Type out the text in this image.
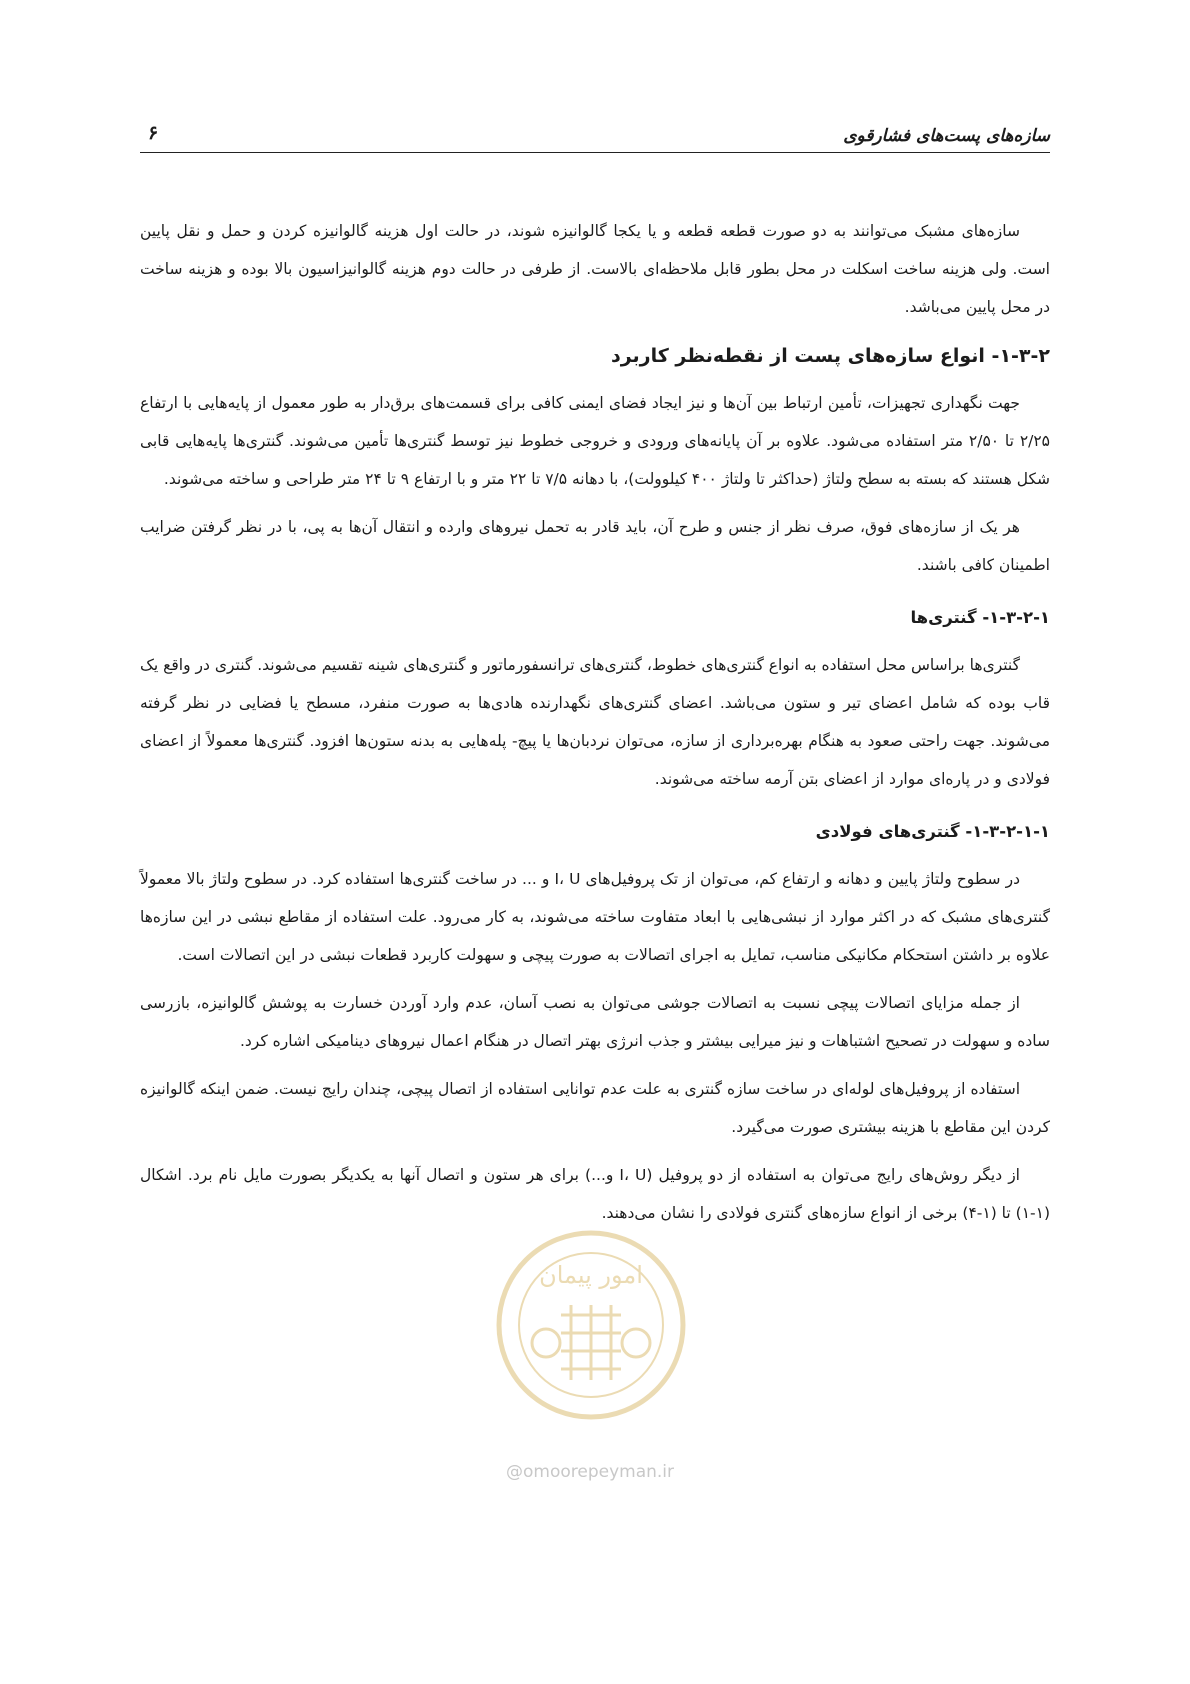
سازه‌های پست‌های فشارقوی
۶

سازه‌های مشبک می‌توانند به دو صورت قطعه قطعه و یا یکجا گالوانیزه شوند، در حالت اول هزینه گالوانیزه کردن و حمل و نقل پایین است. ولی هزینه ساخت اسکلت در محل بطور قابل ملاحظه‌ای بالاست. از طرفی در حالت دوم هزینه گالوانیزاسیون بالا بوده و هزینه ساخت در محل پایین می‌باشد.

۱-۳-۲- انواع سازه‌های پست از نقطه‌نظر کاربرد

جهت نگهداری تجهیزات، تأمین ارتباط بین آن‌ها و نیز ایجاد فضای ایمنی کافی برای قسمت‌های برق‌دار به طور معمول از پایه‌هایی با ارتفاع ۲/۲۵ تا ۲/۵۰ متر استفاده می‌شود. علاوه بر آن پایانه‌های ورودی و خروجی خطوط نیز توسط گنتری‌ها تأمین می‌شوند. گنتری‌ها پایه‌هایی قابی شکل هستند که بسته به سطح ولتاژ (حداکثر تا ولتاژ ۴۰۰ کیلوولت)، با دهانه ۷/۵ تا ۲۲ متر و با ارتفاع ۹ تا ۲۴ متر طراحی و ساخته می‌شوند.

هر یک از سازه‌های فوق، صرف نظر از جنس و طرح آن، باید قادر به تحمل نیروهای وارده و انتقال آن‌ها به پی، با در نظر گرفتن ضرایب اطمینان کافی باشند.

۱-۳-۲-۱- گنتری‌ها

گنتری‌ها براساس محل استفاده به انواع گنتری‌های خطوط، گنتری‌های ترانسفورماتور و گنتری‌های شینه تقسیم می‌شوند. گنتری در واقع یک قاب بوده که شامل اعضای تیر و ستون می‌باشد. اعضای گنتری‌های نگهدارنده هادی‌ها به صورت منفرد، مسطح یا فضایی در نظر گرفته می‌شوند. جهت راحتی صعود به هنگام بهره‌برداری از سازه، می‌توان نردبان‌ها یا پیچ- پله‌هایی به بدنه ستون‌ها افزود. گنتری‌ها معمولاً از اعضای فولادی و در پاره‌ای موارد از اعضای بتن آرمه ساخته می‌شوند.

۱-۳-۲-۱-۱- گنتری‌های فولادی

در سطوح ولتاژ پایین و دهانه و ارتفاع کم، می‌توان از تک پروفیل‌های I، U و ... در ساخت گنتری‌ها استفاده کرد. در سطوح ولتاژ بالا معمولاً گنتری‌های مشبک که در اکثر موارد از نبشی‌هایی با ابعاد متفاوت ساخته می‌شوند، به کار می‌رود. علت استفاده از مقاطع نبشی در این سازه‌ها علاوه بر داشتن استحکام مکانیکی مناسب، تمایل به اجرای اتصالات به صورت پیچی و سهولت کاربرد قطعات نبشی در این اتصالات است.

از جمله مزایای اتصالات پیچی نسبت به اتصالات جوشی می‌توان به نصب آسان، عدم وارد آوردن خسارت به پوشش گالوانیزه، بازرسی ساده و سهولت در تصحیح اشتباهات و نیز میرایی بیشتر و جذب انرژی بهتر اتصال در هنگام اعمال نیروهای دینامیکی اشاره کرد.

استفاده از پروفیل‌های لوله‌ای در ساخت سازه گنتری به علت عدم توانایی استفاده از اتصال پیچی، چندان رایج نیست. ضمن اینکه گالوانیزه کردن این مقاطع با هزینه بیشتری صورت می‌گیرد.

از دیگر روش‌های رایج می‌توان به استفاده از دو پروفیل (I، U و...) برای هر ستون و اتصال آنها به یکدیگر بصورت مایل نام برد. اشکال (۱-۱) تا (۱-۴) برخی از انواع سازه‌های گنتری فولادی را نشان می‌دهند.

امور پیمان
@omoorepeyman.ir
